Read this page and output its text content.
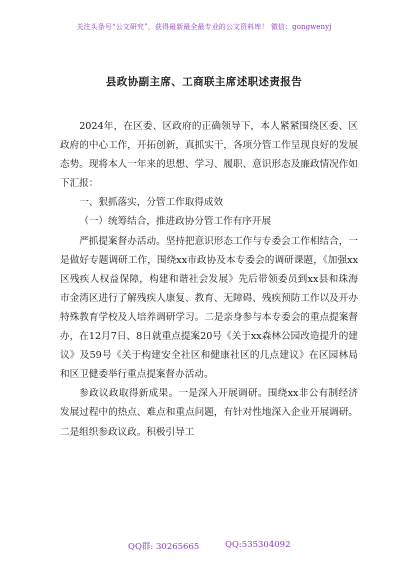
关注头条号“公文研究”，获得最新最全最专业的公文资料库！ 微信：gongwenyj
县政协副主席、工商联主席述职述责报告

2024年，在区委、区政府的正确领导下，本人紧紧围绕区委、区政府的中心工作，开拓创新，真抓实干，各项分管工作呈现良好的发展态势。现将本人一年来的思想、学习、履职、意识形态及廉政情况作如下汇报：

一、狠抓落实，分管工作取得成效

（一）统筹结合，推进政协分管工作有序开展

严抓提案督办活动。坚持把意识形态工作与专委会工作相结合，一是做好专题调研工作，围绕xx市政协及本专委会的调研课题，《加强xx区残疾人权益保障，构建和谐社会发展》先后带领委员到xx县和珠海市金湾区进行了解残疾人康复、教育、无障碍、残疾预防工作以及开办特殊教育学校及人培养调研学习。二是亲身参与本专委会的重点提案督办，在12月7日、8日就重点提案20号《关于xx森林公园改造提升的建议》及59号《关于构建安全社区和健康社区的几点建议》在区园林局和区卫健委举行重点提案督办活动。

参政议政取得新成果。一是深入开展调研。围绕xx非公有制经济发展过程中的热点、难点和重点问题，有针对性地深入企业开展调研。二是组织参政议政。积极引导工

QQ群: 30265665	QQ:535304092
